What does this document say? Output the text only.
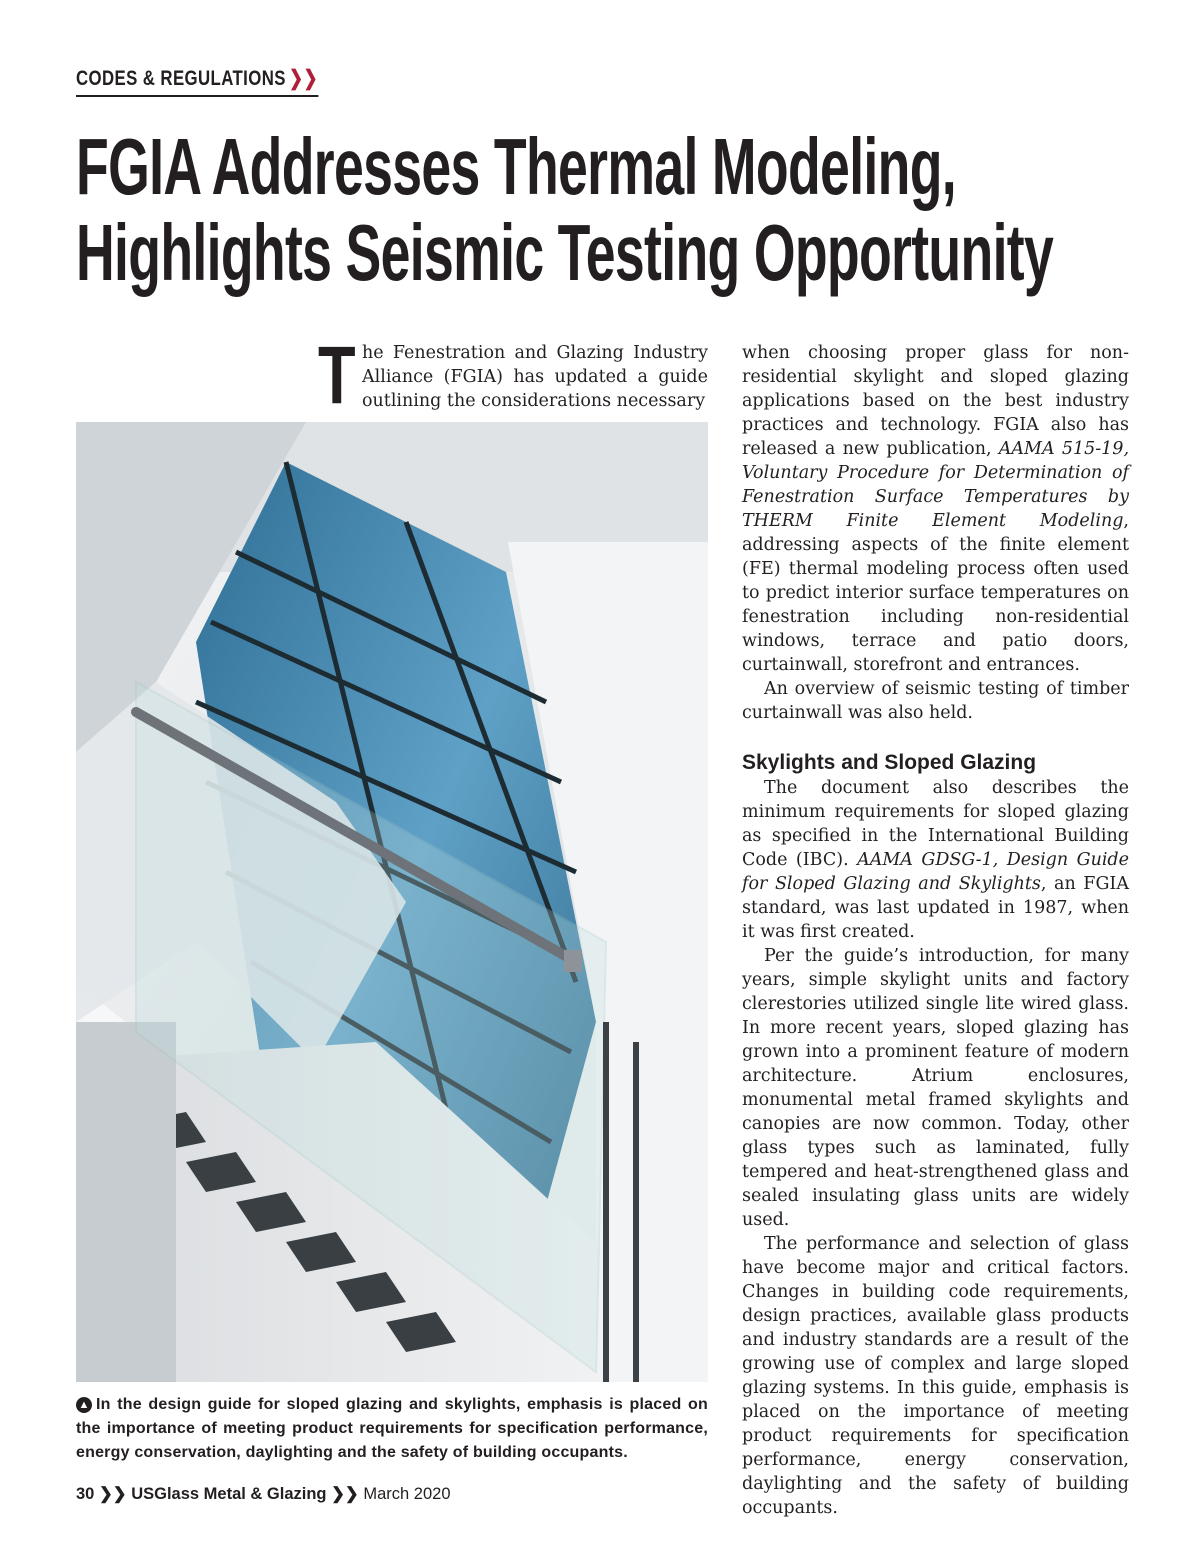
CODES & REGULATIONS ❯❯
FGIA Addresses Thermal Modeling,
Highlights Seismic Testing Opportunity

The Fenestration and Glazing Industry Alliance (FGIA) has updated a guide outlining the considerations necessary

▲ In the design guide for sloped glazing and skylights, emphasis is placed on the importance of meeting product requirements for specification performance, energy conservation, daylighting and the safety of building occupants.

when choosing proper glass for non-residential skylight and sloped glazing applications based on the best industry practices and technology. FGIA also has released a new publication, AAMA 515-19, Voluntary Procedure for Determination of Fenestration Surface Temperatures by THERM Finite Element Modeling, addressing aspects of the finite element (FE) thermal modeling process often used to predict interior surface temperatures on fenestration including non-residential windows, terrace and patio doors, curtainwall, storefront and entrances.

An overview of seismic testing of timber curtainwall was also held.

Skylights and Sloped Glazing

The document also describes the minimum requirements for sloped glazing as specified in the International Building Code (IBC). AAMA GDSG-1, Design Guide for Sloped Glazing and Skylights, an FGIA standard, was last updated in 1987, when it was first created.

Per the guide’s introduction, for many years, simple skylight units and factory clerestories utilized single lite wired glass. In more recent years, sloped glazing has grown into a prominent feature of modern architecture. Atrium enclosures, monumental metal framed skylights and canopies are now common. Today, other glass types such as laminated, fully tempered and heat-strengthened glass and sealed insulating glass units are widely used.

The performance and selection of glass have become major and critical factors. Changes in building code requirements, design practices, available glass products and industry standards are a result of the growing use of complex and large sloped glazing systems. In this guide, emphasis is placed on the importance of meeting product requirements for specification performance, energy conservation, daylighting and the safety of building occupants.

30 ❯❯ USGlass Metal & Glazing ❯❯ March 2020
